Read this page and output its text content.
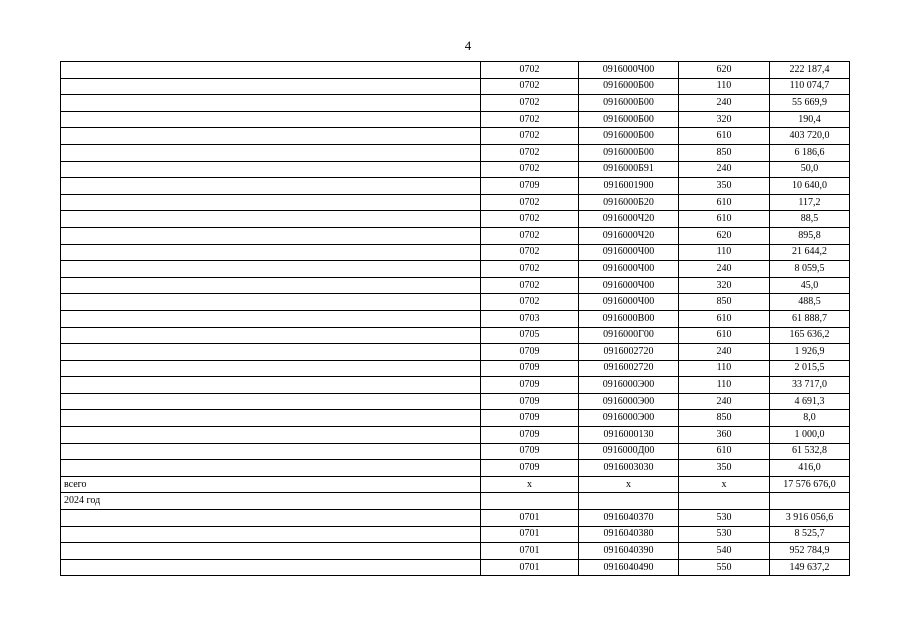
4
	0702	0916000Ч00	620	222 187,4
	0702	0916000Б00	110	110 074,7
	0702	0916000Б00	240	55 669,9
	0702	0916000Б00	320	190,4
	0702	0916000Б00	610	403 720,0
	0702	0916000Б00	850	6 186,6
	0702	0916000Б91	240	50,0
	0709	0916001900	350	10 640,0
	0702	0916000Б20	610	117,2
	0702	0916000Ч20	610	88,5
	0702	0916000Ч20	620	895,8
	0702	0916000Ч00	110	21 644,2
	0702	0916000Ч00	240	8 059,5
	0702	0916000Ч00	320	45,0
	0702	0916000Ч00	850	488,5
	0703	0916000В00	610	61 888,7
	0705	0916000Г00	610	165 636,2
	0709	0916002720	240	1 926,9
	0709	0916002720	110	2 015,5
	0709	0916000Э00	110	33 717,0
	0709	0916000Э00	240	4 691,3
	0709	0916000Э00	850	8,0
	0709	0916000130	360	1 000,0
	0709	0916000Д00	610	61 532,8
	0709	0916003030	350	416,0
всего	х	х	х	17 576 676,0
2024 год				
	0701	0916040370	530	3 916 056,6
	0701	0916040380	530	8 525,7
	0701	0916040390	540	952 784,9
	0701	0916040490	550	149 637,2
